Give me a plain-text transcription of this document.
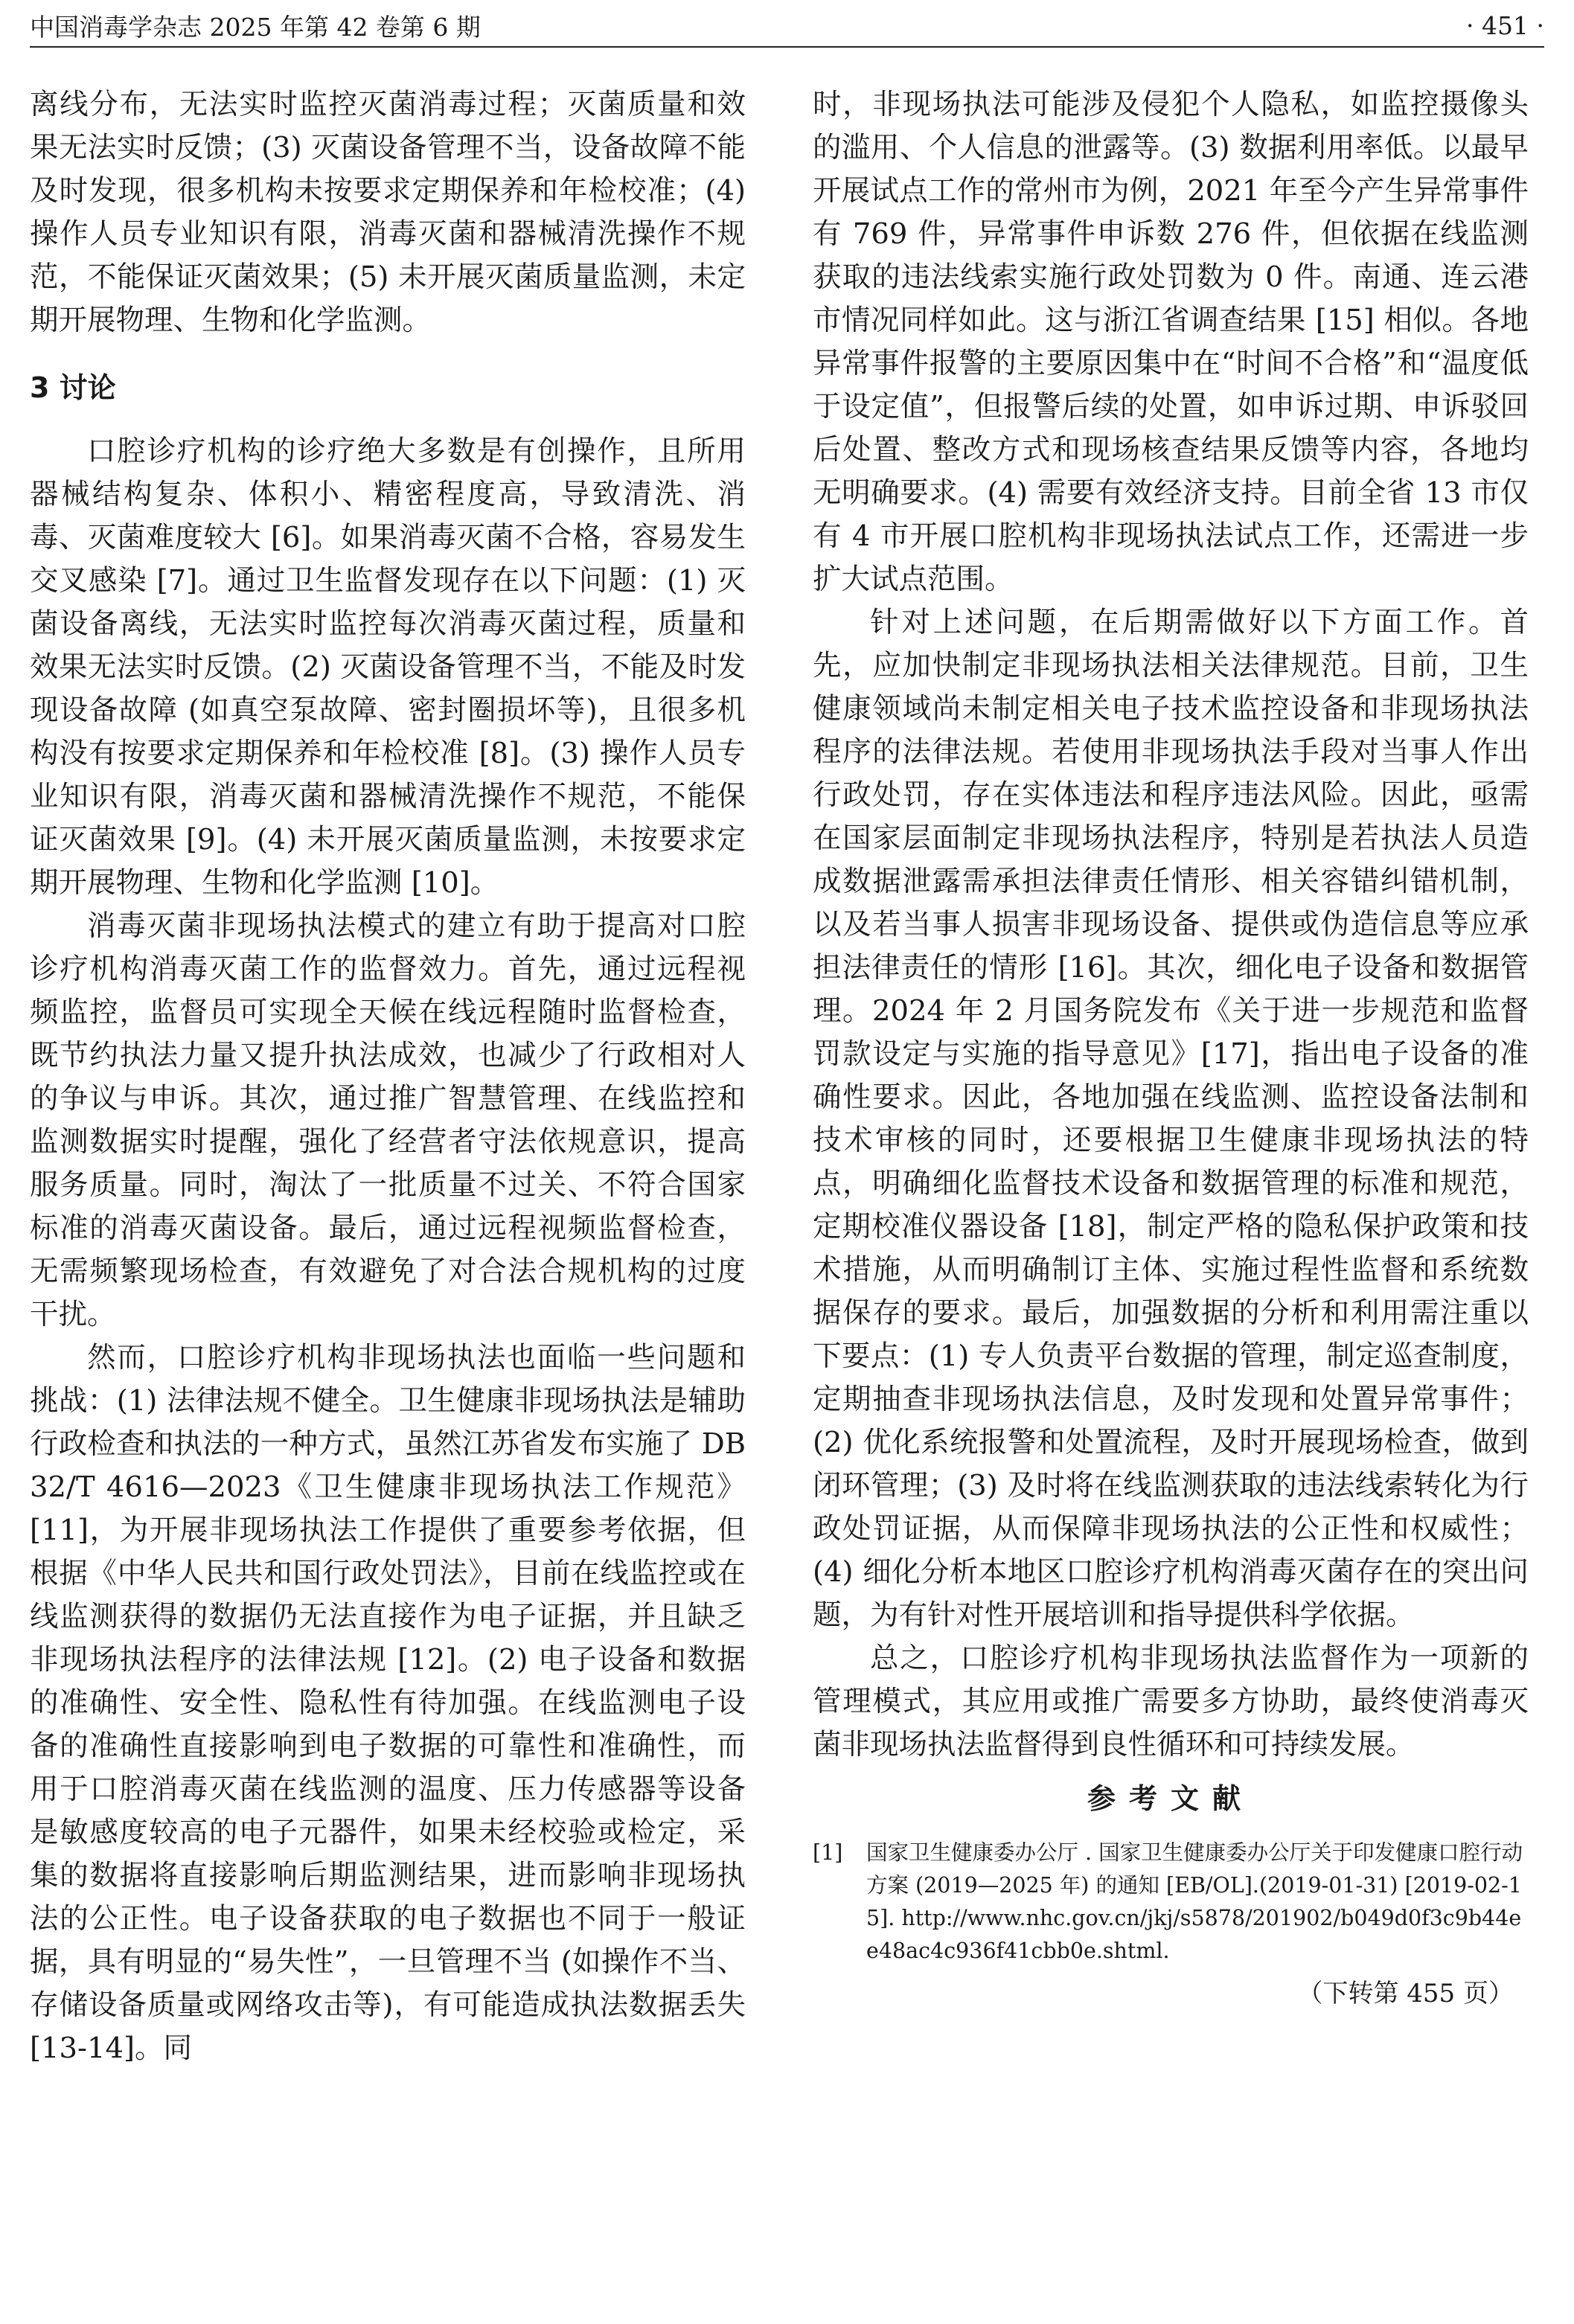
中国消毒学杂志 2025 年第 42 卷第 6 期	· 451 ·

离线分布，无法实时监控灭菌消毒过程；灭菌质量和效果无法实时反馈；(3) 灭菌设备管理不当，设备故障不能及时发现，很多机构未按要求定期保养和年检校准；(4) 操作人员专业知识有限，消毒灭菌和器械清洗操作不规范，不能保证灭菌效果；(5) 未开展灭菌质量监测，未定期开展物理、生物和化学监测。

3 讨论

口腔诊疗机构的诊疗绝大多数是有创操作，且所用器械结构复杂、体积小、精密程度高，导致清洗、消毒、灭菌难度较大 [6]。如果消毒灭菌不合格，容易发生交叉感染 [7]。通过卫生监督发现存在以下问题：(1) 灭菌设备离线，无法实时监控每次消毒灭菌过程，质量和效果无法实时反馈。(2) 灭菌设备管理不当，不能及时发现设备故障 (如真空泵故障、密封圈损坏等)，且很多机构没有按要求定期保养和年检校准 [8]。(3) 操作人员专业知识有限，消毒灭菌和器械清洗操作不规范，不能保证灭菌效果 [9]。(4) 未开展灭菌质量监测，未按要求定期开展物理、生物和化学监测 [10]。

消毒灭菌非现场执法模式的建立有助于提高对口腔诊疗机构消毒灭菌工作的监督效力。首先，通过远程视频监控，监督员可实现全天候在线远程随时监督检查，既节约执法力量又提升执法成效，也减少了行政相对人的争议与申诉。其次，通过推广智慧管理、在线监控和监测数据实时提醒，强化了经营者守法依规意识，提高服务质量。同时，淘汰了一批质量不过关、不符合国家标准的消毒灭菌设备。最后，通过远程视频监督检查，无需频繁现场检查，有效避免了对合法合规机构的过度干扰。

然而，口腔诊疗机构非现场执法也面临一些问题和挑战：(1) 法律法规不健全。卫生健康非现场执法是辅助行政检查和执法的一种方式，虽然江苏省发布实施了 DB 32/T 4616—2023《卫生健康非现场执法工作规范》[11]，为开展非现场执法工作提供了重要参考依据，但根据《中华人民共和国行政处罚法》，目前在线监控或在线监测获得的数据仍无法直接作为电子证据，并且缺乏非现场执法程序的法律法规 [12]。(2) 电子设备和数据的准确性、安全性、隐私性有待加强。在线监测电子设备的准确性直接影响到电子数据的可靠性和准确性，而用于口腔消毒灭菌在线监测的温度、压力传感器等设备是敏感度较高的电子元器件，如果未经校验或检定，采集的数据将直接影响后期监测结果，进而影响非现场执法的公正性。电子设备获取的电子数据也不同于一般证据，具有明显的“易失性”，一旦管理不当 (如操作不当、存储设备质量或网络攻击等)，有可能造成执法数据丢失 [13-14]。同

时，非现场执法可能涉及侵犯个人隐私，如监控摄像头的滥用、个人信息的泄露等。(3) 数据利用率低。以最早开展试点工作的常州市为例，2021 年至今产生异常事件有 769 件，异常事件申诉数 276 件，但依据在线监测获取的违法线索实施行政处罚数为 0 件。南通、连云港市情况同样如此。这与浙江省调查结果 [15] 相似。各地异常事件报警的主要原因集中在“时间不合格”和“温度低于设定值”，但报警后续的处置，如申诉过期、申诉驳回后处置、整改方式和现场核查结果反馈等内容，各地均无明确要求。(4) 需要有效经济支持。目前全省 13 市仅有 4 市开展口腔机构非现场执法试点工作，还需进一步扩大试点范围。

针对上述问题，在后期需做好以下方面工作。首先，应加快制定非现场执法相关法律规范。目前，卫生健康领域尚未制定相关电子技术监控设备和非现场执法程序的法律法规。若使用非现场执法手段对当事人作出行政处罚，存在实体违法和程序违法风险。因此，亟需在国家层面制定非现场执法程序，特别是若执法人员造成数据泄露需承担法律责任情形、相关容错纠错机制，以及若当事人损害非现场设备、提供或伪造信息等应承担法律责任的情形 [16]。其次，细化电子设备和数据管理。2024 年 2 月国务院发布《关于进一步规范和监督罚款设定与实施的指导意见》[17]，指出电子设备的准确性要求。因此，各地加强在线监测、监控设备法制和技术审核的同时，还要根据卫生健康非现场执法的特点，明确细化监督技术设备和数据管理的标准和规范，定期校准仪器设备 [18]，制定严格的隐私保护政策和技术措施，从而明确制订主体、实施过程性监督和系统数据保存的要求。最后，加强数据的分析和利用需注重以下要点：(1) 专人负责平台数据的管理，制定巡查制度，定期抽查非现场执法信息，及时发现和处置异常事件；(2) 优化系统报警和处置流程，及时开展现场检查，做到闭环管理；(3) 及时将在线监测获取的违法线索转化为行政处罚证据，从而保障非现场执法的公正性和权威性；(4) 细化分析本地区口腔诊疗机构消毒灭菌存在的突出问题，为有针对性开展培训和指导提供科学依据。

总之，口腔诊疗机构非现场执法监督作为一项新的管理模式，其应用或推广需要多方协助，最终使消毒灭菌非现场执法监督得到良性循环和可持续发展。

参考文献
[1]	国家卫生健康委办公厅 . 国家卫生健康委办公厅关于印发健康口腔行动方案 (2019—2025 年) 的通知 [EB/OL].(2019-01-31) [2019-02-15]. http://www.nhc.gov.cn/jkj/s5878/201902/b049d0f3c9b44ee48ac4c936f41cbb0e.shtml.
（下转第 455 页）
